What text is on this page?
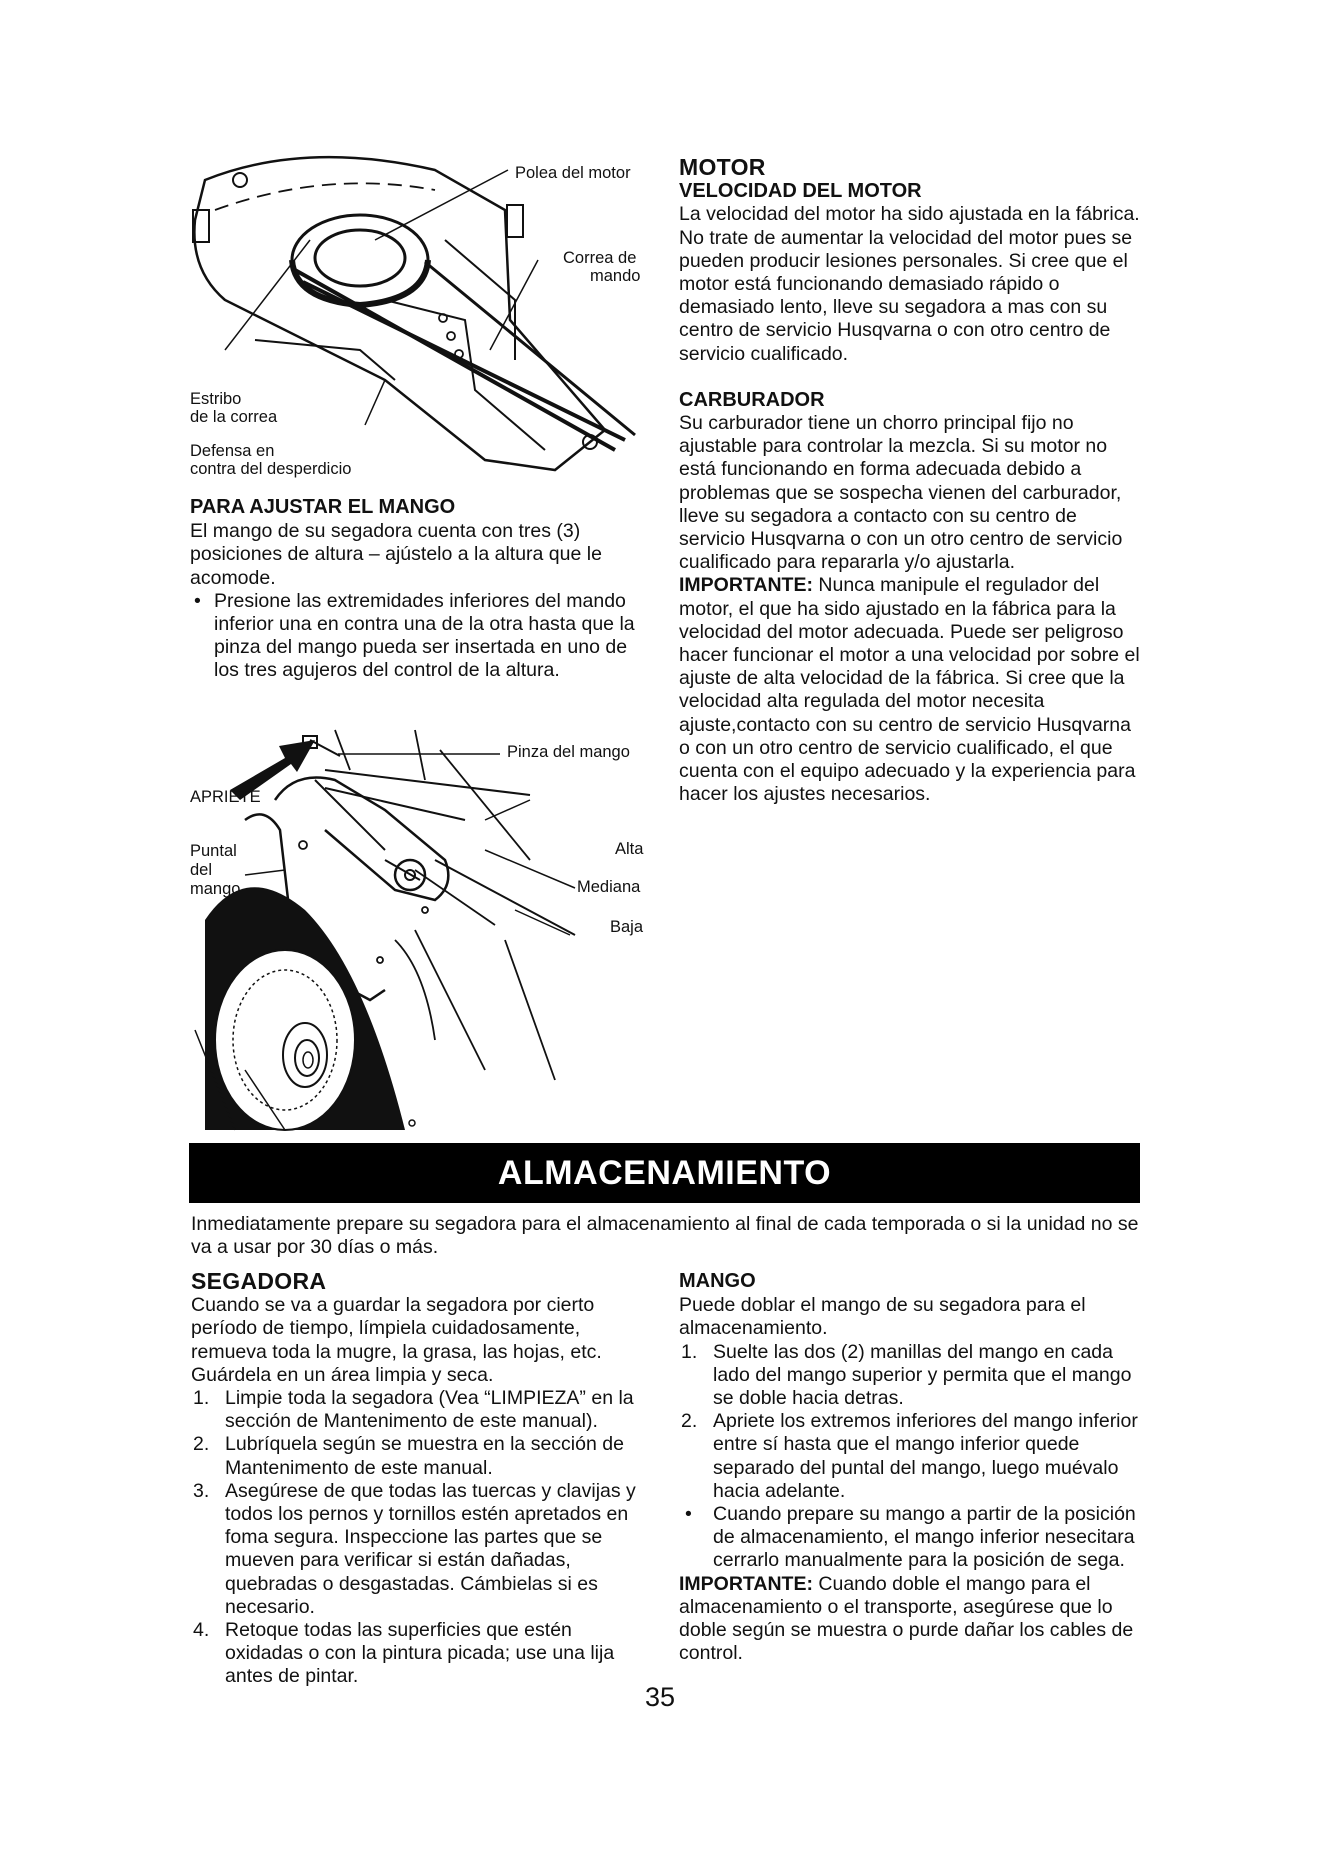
Polea del motor
Correa de
mando
Estribo
de la correa
Defensa en
contra del desperdicio
PARA AJUSTAR EL MANGO

El mango de su segadora cuenta con tres (3) posiciones de altura – ajústelo a la altura que le acomode.

• Presione las extremidades inferiores del mando inferior una en contra una de la otra hasta que la pinza del mango pueda ser insertada en uno de los tres agujeros del control de la altura.
Pinza del mango
APRIETE
Puntal
del
mango
Alta
Mediana
Baja
MOTOR
VELOCIDAD DEL MOTOR

La velocidad del motor ha sido ajustada en la fábrica. No trate de aumentar la velocidad del motor pues se pueden producir lesiones personales. Si cree que el motor está funcionando demasiado rápido o demasiado lento, lleve su segadora a mas con su centro de servicio Husqvarna o con otro centro de servicio cualificado.

CARBURADOR

Su carburador tiene un chorro principal fijo no ajustable para controlar la mezcla. Si su motor no está funcionando en forma adecuada debido a problemas que se sospecha vienen del carburador, lleve su segadora a contacto con su centro de servicio Husqvarna o con un otro centro de servicio cualificado para repararla y/o ajustarla.

IMPORTANTE: Nunca manipule el regulador del motor, el que ha sido ajustado en la fábrica para la velocidad del motor adecuada. Puede ser peligroso hacer funcionar el motor a una velocidad por sobre el ajuste de alta velocidad de la fábrica. Si cree que la velocidad alta regulada del motor necesita ajuste,contacto con su centro de servicio Husqvarna o con un otro centro de servicio cualificado, el que cuenta con el equipo adecuado y la experiencia para hacer los ajustes necesarios.

ALMACENAMIENTO

Inmediatamente prepare su segadora para el almacenamiento al final de cada temporada o si la unidad no se va a usar por 30 días o más.

SEGADORA

Cuando se va a guardar la segadora por cierto período de tiempo, límpiela cuidadosamente, remueva toda la mugre, la grasa, las hojas, etc. Guárdela en un área limpia y seca.

1. Limpie toda la segadora (Vea “LIMPIEZA” en la sección de Mantenimento de este manual).
2. Lubríquela según se muestra en la sección de Mantenimento de este manual.
3. Asegúrese de que todas las tuercas y clavijas y todos los pernos y tornillos estén apretados en foma segura. Inspeccione las partes que se mueven para verificar si están dañadas, quebradas o desgastadas. Cámbielas si es necesario.
4. Retoque todas las superficies que estén oxidadas o con la pintura picada; use una lija antes de pintar.
MANGO

Puede doblar el mango de su segadora para el almacenamiento.

1. Suelte las dos (2) manillas del mango en cada lado del mango superior y permita que el mango se doble hacia detras.
2. Apriete los extremos inferiores del mango inferior entre sí hasta que el mango inferior quede separado del puntal del mango, luego muévalo hacia adelante.
• Cuando prepare su mango a partir de la posición de almacenamiento, el mango inferior nesecitara cerrarlo manualmente para la posición de sega.

IMPORTANTE: Cuando doble el mango para el almacenamiento o el transporte, asegúrese que lo doble según se muestra o purde dañar los cables de control.

35
